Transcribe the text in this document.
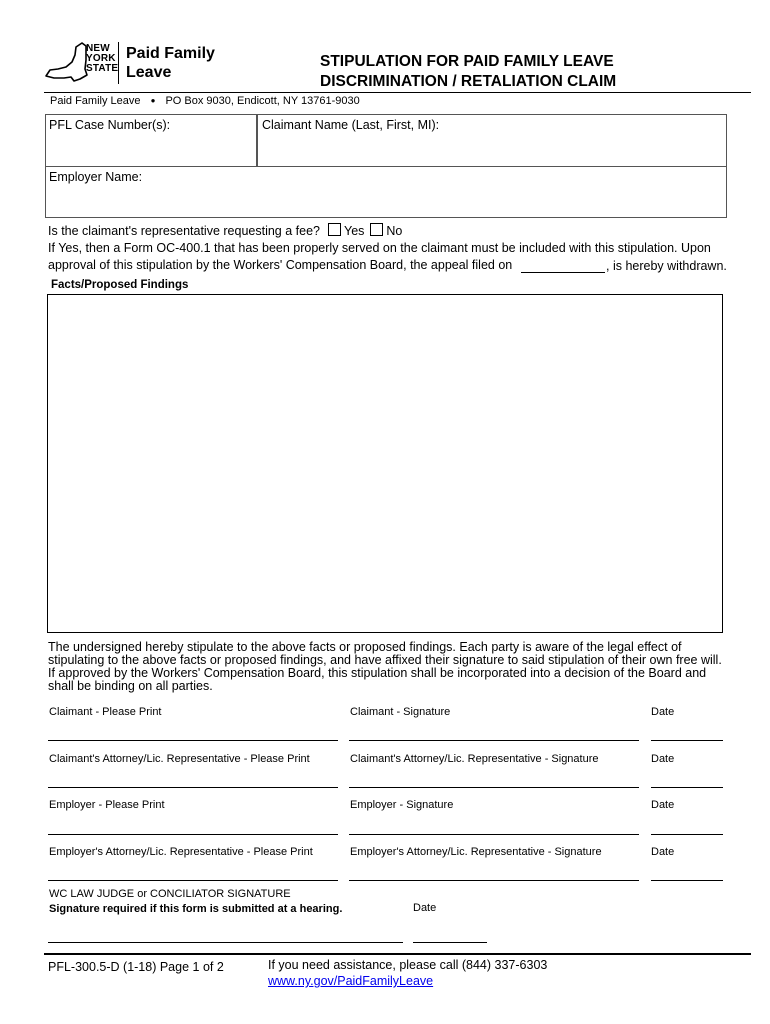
NEW
YORK
STATE
Paid Family
Leave
STIPULATION FOR PAID FAMILY LEAVE
DISCRIMINATION / RETALIATION CLAIM
Paid Family Leave ● PO Box 9030, Endicott, NY 13761-9030
PFL Case Number(s):	Claimant Name (Last, First, MI):
Employer Name:
Is the claimant's representative requesting a fee? Yes No
If Yes, then a Form OC-400.1 that has been properly served on the claimant must be included with this stipulation. Upon
approval of this stipulation by the Workers' Compensation Board, the appeal filed on	, is hereby withdrawn.
Facts/Proposed Findings
The undersigned hereby stipulate to the above facts or proposed findings. Each party is aware of the legal effect of stipulating to the above facts or proposed findings, and have affixed their signature to said stipulation of their own free will. If approved by the Workers' Compensation Board, this stipulation shall be incorporated into a decision of the Board and shall be binding on all parties.
Claimant - Please Print	Claimant - Signature	Date
Claimant's Attorney/Lic. Representative - Please Print	Claimant's Attorney/Lic. Representative - Signature	Date
Employer - Please Print	Employer - Signature	Date
Employer's Attorney/Lic. Representative - Please Print	Employer's Attorney/Lic. Representative - Signature	Date
WC LAW JUDGE or CONCILIATOR SIGNATURE
Signature required if this form is submitted at a hearing.	Date
PFL-300.5-D (1-18) Page 1 of 2	If you need assistance, please call (844) 337-6303
www.ny.gov/PaidFamilyLeave
